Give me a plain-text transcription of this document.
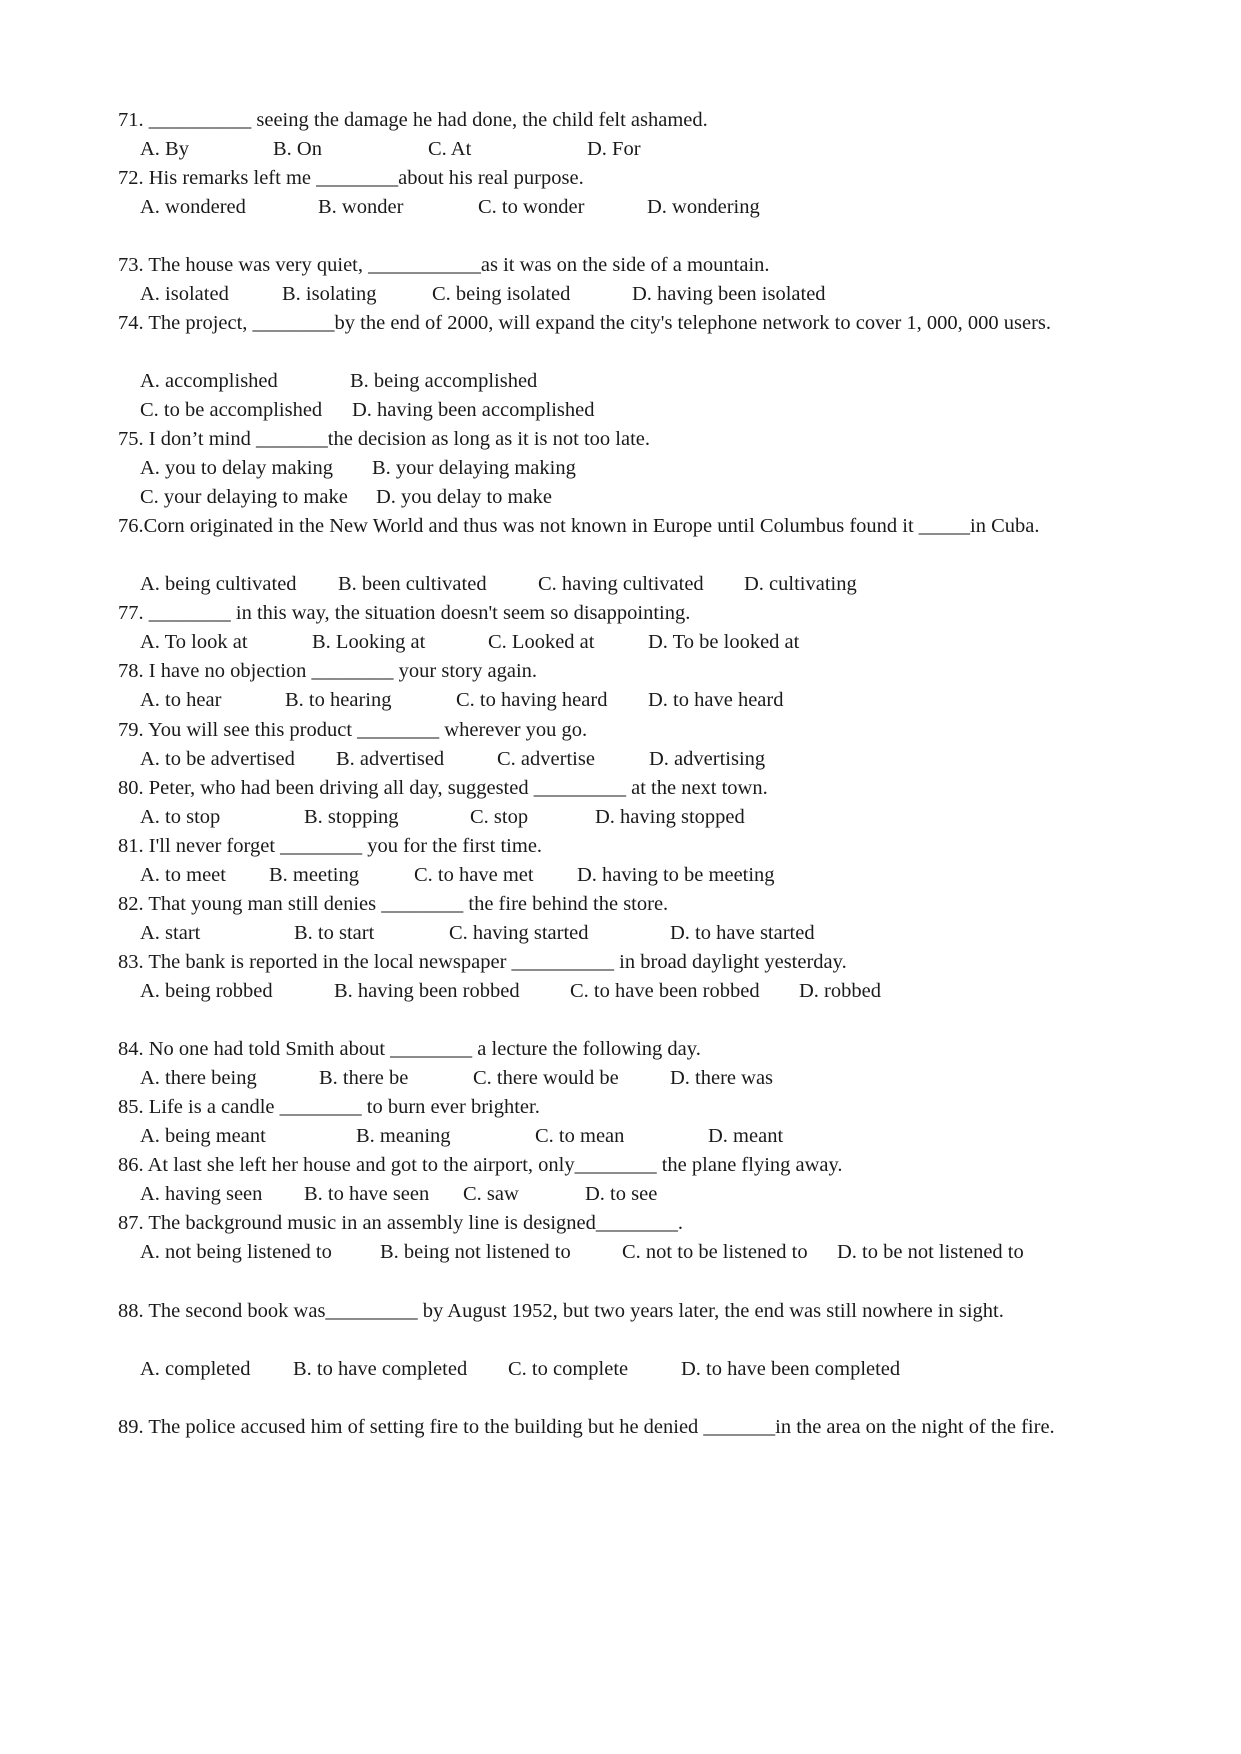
71. __________ seeing the damage he had done, the child felt ashamed.
A. By	B. On	C. At	D. For
72. His remarks left me ________about his real purpose.
A. wondered	B. wonder	C. to wonder	D. wondering
73. The house was very quiet, ___________as it was on the side of a mountain.
A. isolated	B. isolating	C. being isolated	D. having been isolated
74. The project, ________by the end of 2000, will expand the city's telephone network to cover 1, 000, 000 users.
A. accomplished	B. being accomplished
C. to be accomplished D. having been accomplished
75. I don’t mind _______the decision as long as it is not too late.
A. you to delay making B. your delaying making
C. your delaying to make D. you delay to make
76.Corn originated in the New World and thus was not known in Europe until Columbus found it _____in Cuba.
A. being cultivated B. been cultivated	C. having cultivated D. cultivating
77. ________ in this way, the situation doesn't seem so disappointing.
A. To look at	B. Looking at	C. Looked at	D. To be looked at
78. I have no objection ________ your story again.
A. to hear	B. to hearing	C. to having heard D. to have heard
79. You will see this product ________ wherever you go.
A. to be advertised B. advertised	C. advertise	D. advertising
80. Peter, who had been driving all day, suggested _________ at the next town.
A. to stop	B. stopping	C. stop	D. having stopped
81. I'll never forget ________ you for the first time.
A. to meet B. meeting	C. to have met D. having to be meeting
82. That young man still denies ________ the fire behind the store.
A. start	B. to start	C. having started	D. to have started
83. The bank is reported in the local newspaper __________ in broad daylight yesterday.
A. being robbed	B. having been robbed C. to have been robbed D. robbed
84. No one had told Smith about ________ a lecture the following day.
A. there being	B. there be	C. there would be	D. there was
85. Life is a candle ________ to burn ever brighter.
A. being meant	B. meaning	C. to mean	D. meant
86. At last she left her house and got to the airport, only________ the plane flying away.
A. having seen B. to have seen C. saw	D. to see
87. The background music in an assembly line is designed________.
A. not being listened to B. being not listened to	C. not to be listened to D. to be not listened to
88. The second book was_________ by August 1952, but two years later, the end was still nowhere in sight.
A. completed B. to have completed C. to complete	D. to have been completed
89. The police accused him of setting fire to the building but he denied _______in the area on the night of the fire.
